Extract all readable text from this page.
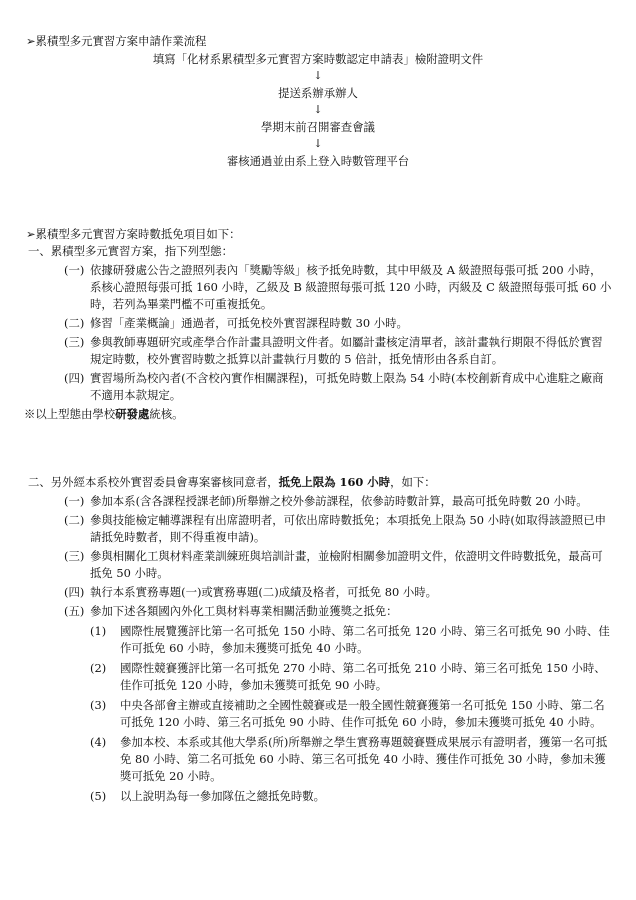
➢累積型多元實習方案申請作業流程
填寫「化材系累積型多元實習方案時數認定申請表」檢附證明文件
↓
提送系辦承辦人
↓
學期末前召開審查會議
↓
審核通過並由系上登入時數管理平台
➢累積型多元實習方案時數抵免項目如下：
一、累積型多元實習方案，指下列型態：
(一) 依據研發處公告之證照列表內「獎勵等級」核予抵免時數，其中甲級及 A 級證照每張可抵 200 小時，系核心證照每張可抵 160 小時，乙級及 B 級證照每張可抵 120 小時，丙級及 C 級證照每張可抵 60 小時，若列為畢業門檻不可重複抵免。
(二) 修習「產業概論」通過者，可抵免校外實習課程時數 30 小時。
(三) 參與教師專題研究或產學合作計畫具證明文件者。如屬計畫核定清單者，該計畫執行期限不得低於實習規定時數，校外實習時數之抵算以計畫執行月數的 5 倍計，抵免情形由各系自訂。
(四) 實習場所為校內者(不含校內實作相關課程)，可抵免時數上限為 54 小時(本校創新育成中心進駐之廠商不適用本款規定。
※以上型態由學校研發處統核。
二、另外經本系校外實習委員會專案審核同意者，抵免上限為 160 小時，如下：
(一) 參加本系(含各課程授課老師)所舉辦之校外參訪課程，依參訪時數計算，最高可抵免時數 20 小時。
(二) 參與技能檢定輔導課程有出席證明者，可依出席時數抵免；本項抵免上限為 50 小時(如取得該證照已申請抵免時數者，則不得重複申請)。
(三) 參與相關化工與材料產業訓練班與培訓計畫，並檢附相關參加證明文件，依證明文件時數抵免，最高可抵免 50 小時。
(四) 執行本系實務專題(一)或實務專題(二)成績及格者，可抵免 80 小時。
(五) 參加下述各類國內外化工與材料專業相關活動並獲獎之抵免：
(1) 國際性展覽獲評比第一名可抵免 150 小時、第二名可抵免 120 小時、第三名可抵免 90 小時、佳作可抵免 60 小時，參加未獲獎可抵免 40 小時。
(2) 國際性競賽獲評比第一名可抵免 270 小時、第二名可抵免 210 小時、第三名可抵免 150 小時、佳作可抵免 120 小時，參加未獲獎可抵免 90 小時。
(3) 中央各部會主辦或直接補助之全國性競賽或是一般全國性競賽獲第一名可抵免 150 小時、第二名可抵免 120 小時、第三名可抵免 90 小時、佳作可抵免 60 小時，參加未獲獎可抵免 40 小時。
(4) 參加本校、本系或其他大學系(所)所舉辦之學生實務專題競賽暨成果展示有證明者，獲第一名可抵免 80 小時、第二名可抵免 60 小時、第三名可抵免 40 小時、獲佳作可抵免 30 小時，參加未獲獎可抵免 20 小時。
(5) 以上說明為每一參加隊伍之總抵免時數。
